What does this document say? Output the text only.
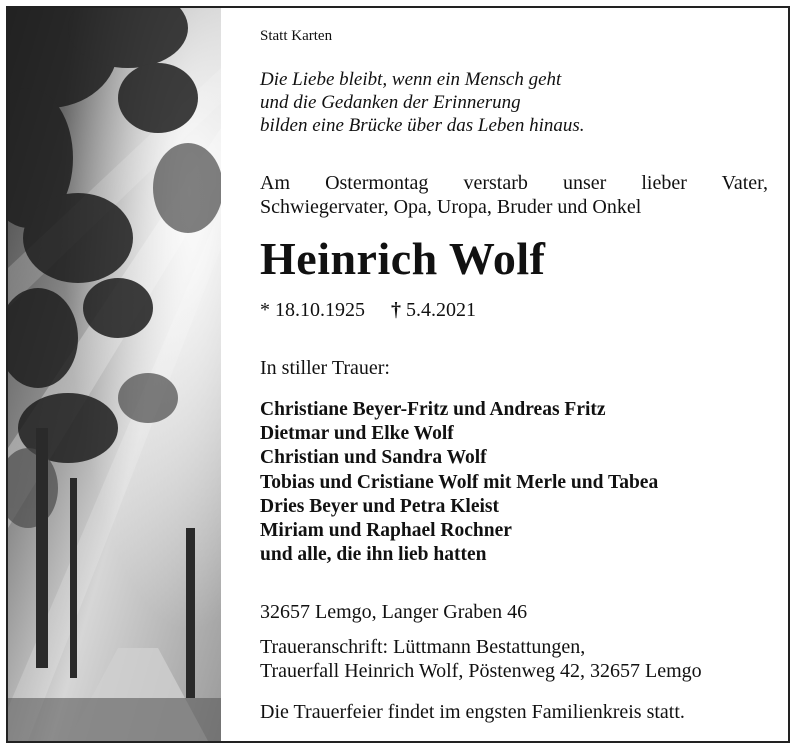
Statt Karten
Die Liebe bleibt, wenn ein Mensch geht
und die Gedanken der Erinnerung
bilden eine Brücke über das Leben hinaus.
Am Ostermontag verstarb unser lieber Vater,
Schwiegervater, Opa, Uropa, Bruder und Onkel
Heinrich Wolf
* 18.10.1925 † 5.4.2021
In stiller Trauer:
Christiane Beyer-Fritz und Andreas Fritz
Dietmar und Elke Wolf
Christian und Sandra Wolf
Tobias und Cristiane Wolf mit Merle und Tabea
Dries Beyer und Petra Kleist
Miriam und Raphael Rochner
und alle, die ihn lieb hatten
32657 Lemgo, Langer Graben 46
Traueranschrift: Lüttmann Bestattungen,
Trauerfall Heinrich Wolf, Pöstenweg 42, 32657 Lemgo
Die Trauerfeier findet im engsten Familienkreis statt.
